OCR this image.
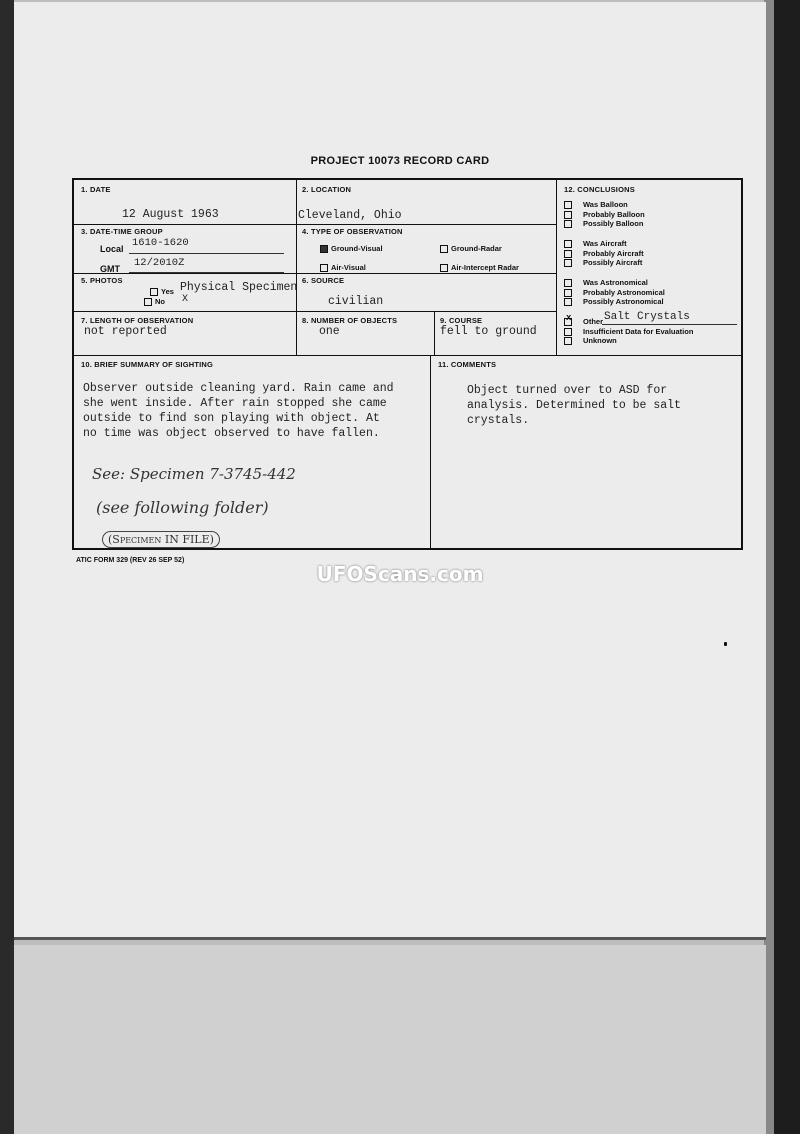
PROJECT 10073 RECORD CARD
1. DATE
12 August 1963
2. LOCATION
Cleveland, Ohio
3. DATE-TIME GROUP
Local 1610-1620
GMT 12/2010Z
4. TYPE OF OBSERVATION
Ground-Visual	Ground-Radar
Air-Visual	Air-Intercept Radar
5. PHOTOS
Yes Physical Specimen
No X
6. SOURCE
civilian
7. LENGTH OF OBSERVATION
not reported
8. NUMBER OF OBJECTS
one
9. COURSE
fell to ground
12. CONCLUSIONS
Was Balloon
Probably Balloon
Possibly Balloon
Was Aircraft
Probably Aircraft
Possibly Aircraft
Was Astronomical
Probably Astronomical
Possibly Astronomical
x Other Salt Crystals
Insufficient Data for Evaluation
Unknown
10. BRIEF SUMMARY OF SIGHTING
Observer outside cleaning yard. Rain came and
she went inside. After rain stopped she came
outside to find son playing with object. At
no time was object observed to have fallen.
See: Specimen 7-3745-442
(see following folder)
(Specimen IN FILE)
11. COMMENTS
Object turned over to ASD for
analysis. Determined to be salt
crystals.
ATIC FORM 329 (REV 26 SEP 52)
UFOScans.com
